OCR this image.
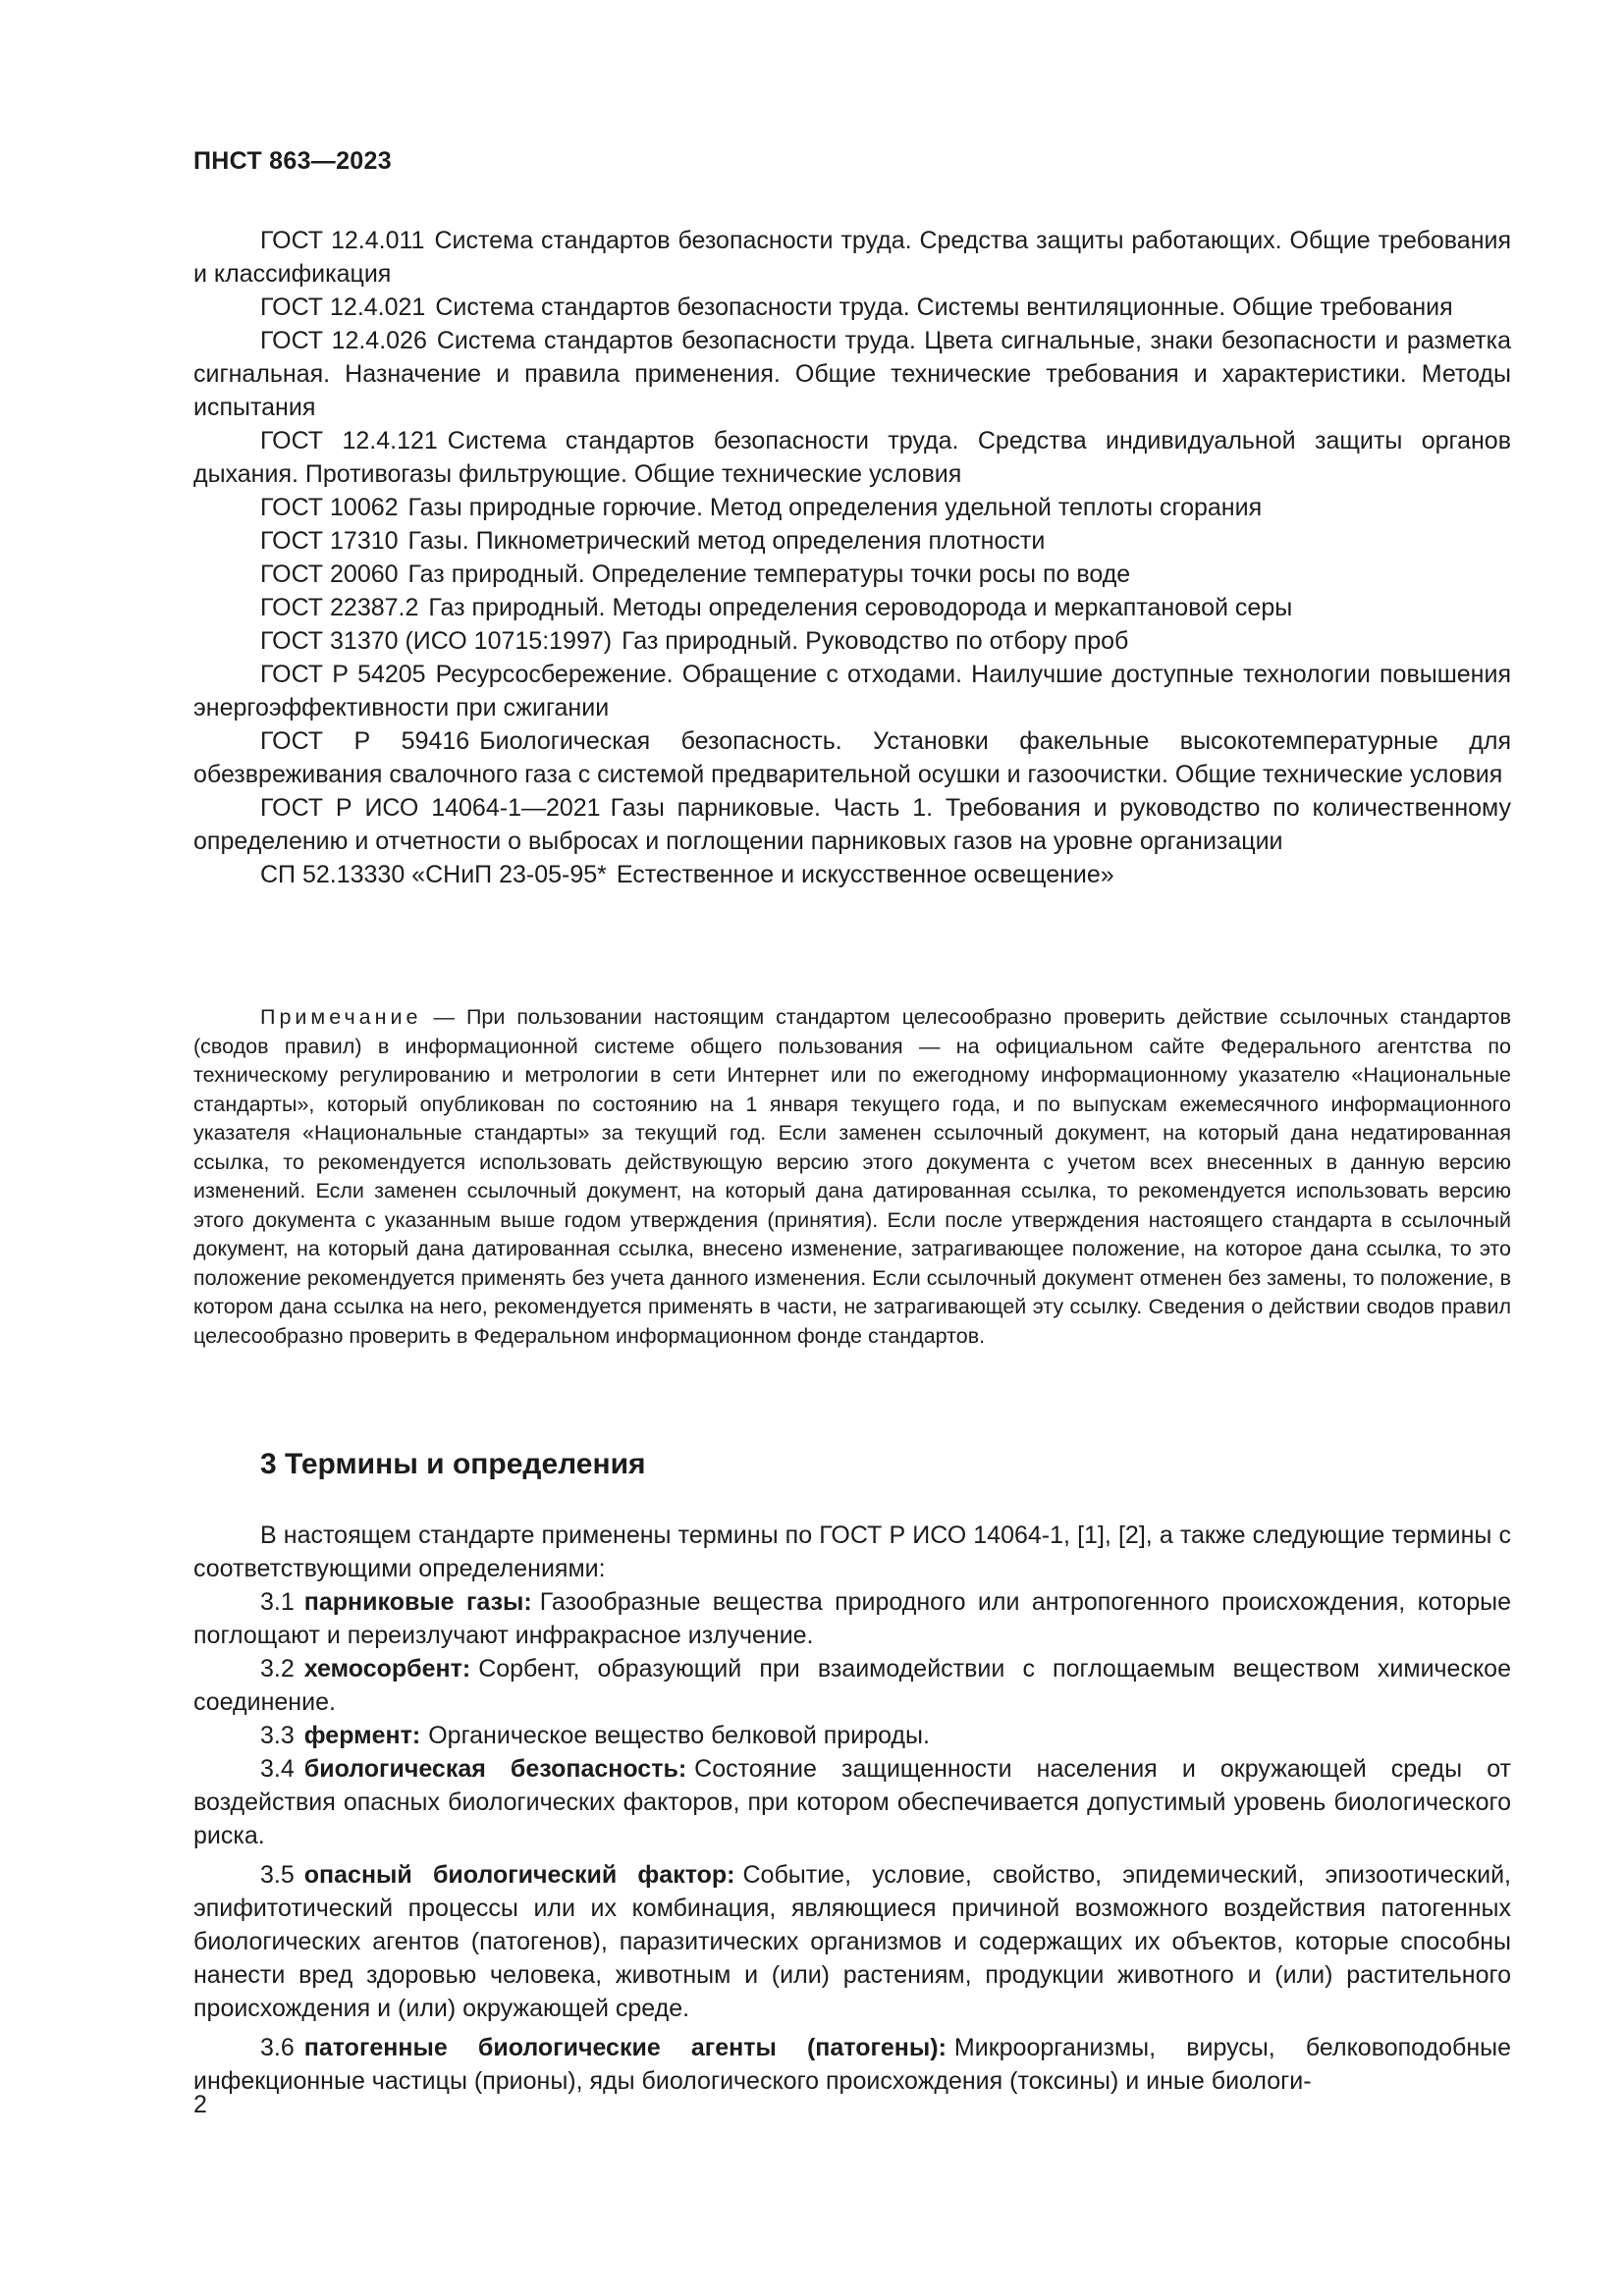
ПНСТ 863—2023

ГОСТ 12.4.011 Система стандартов безопасности труда. Средства защиты работающих. Общие требования и классификация

ГОСТ 12.4.021 Система стандартов безопасности труда. Системы вентиляционные. Общие требования

ГОСТ 12.4.026 Система стандартов безопасности труда. Цвета сигнальные, знаки безопасности и разметка сигнальная. Назначение и правила применения. Общие технические требования и характеристики. Методы испытания

ГОСТ 12.4.121 Система стандартов безопасности труда. Средства индивидуальной защиты органов дыхания. Противогазы фильтрующие. Общие технические условия

ГОСТ 10062 Газы природные горючие. Метод определения удельной теплоты сгорания

ГОСТ 17310 Газы. Пикнометрический метод определения плотности

ГОСТ 20060 Газ природный. Определение температуры точки росы по воде

ГОСТ 22387.2 Газ природный. Методы определения сероводорода и меркаптановой серы

ГОСТ 31370 (ИСО 10715:1997) Газ природный. Руководство по отбору проб

ГОСТ Р 54205 Ресурсосбережение. Обращение с отходами. Наилучшие доступные технологии повышения энергоэффективности при сжигании

ГОСТ Р 59416 Биологическая безопасность. Установки факельные высокотемпературные для обезвреживания свалочного газа с системой предварительной осушки и газоочистки. Общие технические условия

ГОСТ Р ИСО 14064-1—2021 Газы парниковые. Часть 1. Требования и руководство по количественному определению и отчетности о выбросах и поглощении парниковых газов на уровне организации

СП 52.13330 «СНиП 23-05-95* Естественное и искусственное освещение»

Примечание — При пользовании настоящим стандартом целесообразно проверить действие ссылочных стандартов (сводов правил) в информационной системе общего пользования — на официальном сайте Федерального агентства по техническому регулированию и метрологии в сети Интернет или по ежегодному информационному указателю «Национальные стандарты», который опубликован по состоянию на 1 января текущего года, и по выпускам ежемесячного информационного указателя «Национальные стандарты» за текущий год. Если заменен ссылочный документ, на который дана недатированная ссылка, то рекомендуется использовать действующую версию этого документа с учетом всех внесенных в данную версию изменений. Если заменен ссылочный документ, на который дана датированная ссылка, то рекомендуется использовать версию этого документа с указанным выше годом утверждения (принятия). Если после утверждения настоящего стандарта в ссылочный документ, на который дана датированная ссылка, внесено изменение, затрагивающее положение, на которое дана ссылка, то это положение рекомендуется применять без учета данного изменения. Если ссылочный документ отменен без замены, то положение, в котором дана ссылка на него, рекомендуется применять в части, не затрагивающей эту ссылку. Сведения о действии сводов правил целесообразно проверить в Федеральном информационном фонде стандартов.

3 Термины и определения

В настоящем стандарте применены термины по ГОСТ Р ИСО 14064-1, [1], [2], а также следующие термины с соответствующими определениями:

3.1 парниковые газы: Газообразные вещества природного или антропогенного происхождения, которые поглощают и переизлучают инфракрасное излучение.

3.2 хемосорбент: Сорбент, образующий при взаимодействии с поглощаемым веществом химическое соединение.

3.3 фермент: Органическое вещество белковой природы.

3.4 биологическая безопасность: Состояние защищенности населения и окружающей среды от воздействия опасных биологических факторов, при котором обеспечивается допустимый уровень биологического риска.

3.5 опасный биологический фактор: Событие, условие, свойство, эпидемический, эпизоотический, эпифитотический процессы или их комбинация, являющиеся причиной возможного воздействия патогенных биологических агентов (патогенов), паразитических организмов и содержащих их объектов, которые способны нанести вред здоровью человека, животным и (или) растениям, продукции животного и (или) растительного происхождения и (или) окружающей среде.

3.6 патогенные биологические агенты (патогены): Микроорганизмы, вирусы, белковоподобные инфекционные частицы (прионы), яды биологического происхождения (токсины) и иные биологи-

2
